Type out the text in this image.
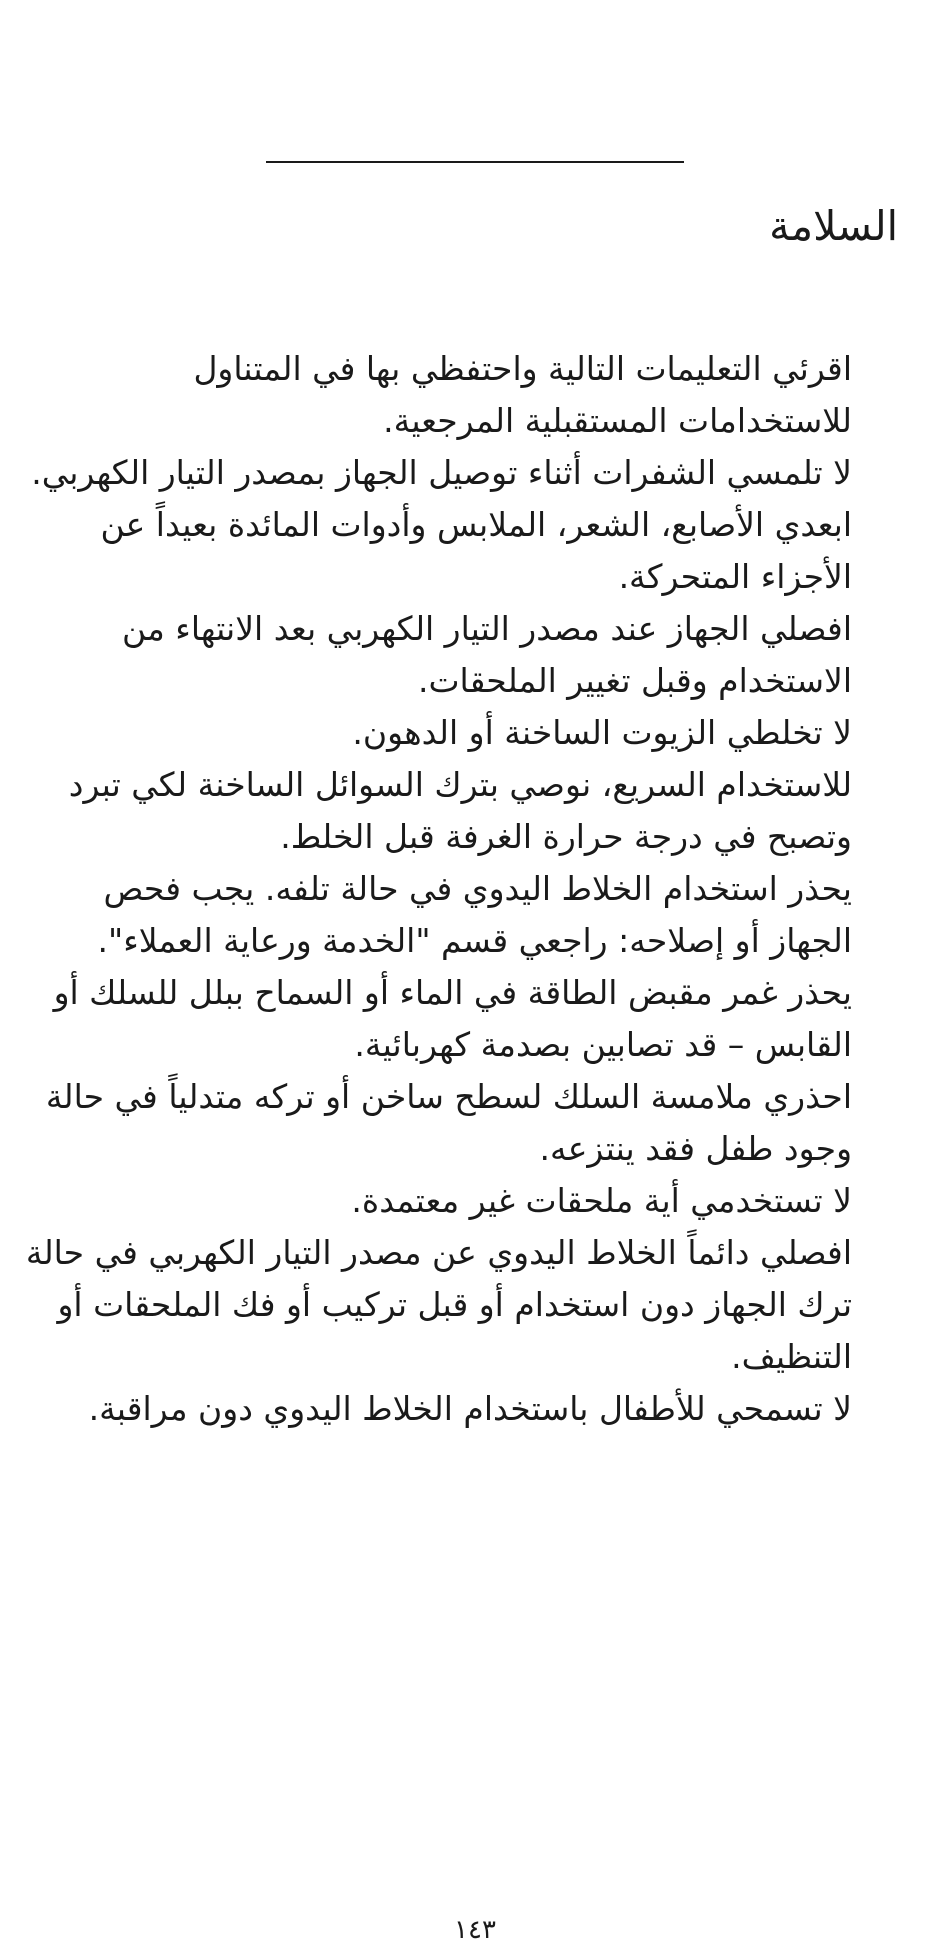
السلامة
اقرئي التعليمات التالية واحتفظي بها في المتناول للاستخدامات المستقبلية المرجعية.
لا تلمسي الشفرات أثناء توصيل الجهاز بمصدر التيار الكهربي.
ابعدي الأصابع، الشعر، الملابس وأدوات المائدة بعيداً عن الأجزاء المتحركة.
افصلي الجهاز عند مصدر التيار الكهربي بعد الانتهاء من الاستخدام وقبل تغيير الملحقات.
لا تخلطي الزيوت الساخنة أو الدهون.
للاستخدام السريع، نوصي بترك السوائل الساخنة لكي تبرد وتصبح في درجة حرارة الغرفة قبل الخلط.
يحذر استخدام الخلاط اليدوي في حالة تلفه. يجب فحص الجهاز أو إصلاحه: راجعي قسم "الخدمة ورعاية العملاء".
يحذر غمر مقبض الطاقة في الماء أو السماح ببلل للسلك أو القابس – قد تصابين بصدمة كهربائية.
احذري ملامسة السلك لسطح ساخن أو تركه متدلياً في حالة وجود طفل فقد ينتزعه.
لا تستخدمي أية ملحقات غير معتمدة.
افصلي دائماً الخلاط اليدوي عن مصدر التيار الكهربي في حالة ترك الجهاز دون استخدام أو قبل تركيب أو فك الملحقات أو التنظيف.
لا تسمحي للأطفال باستخدام الخلاط اليدوي دون مراقبة.
١٤٣
